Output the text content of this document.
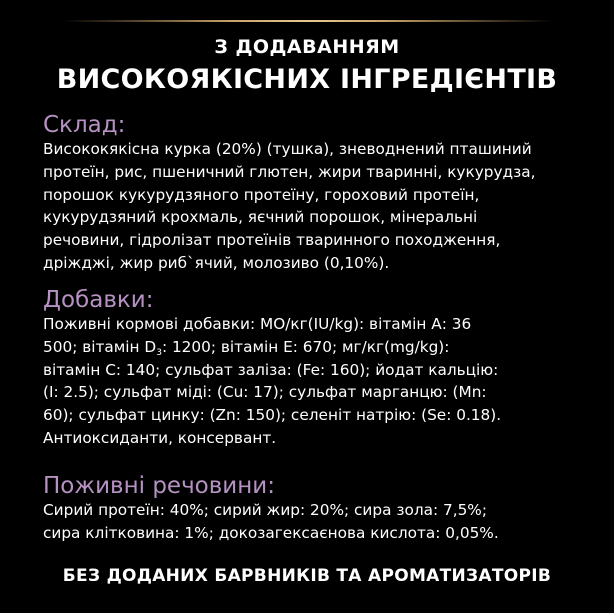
З ДОДАВАННЯМ
ВИСОКОЯКІСНИХ ІНГРЕДІЄНТІВ
Склад:
Висококякісна курка (20%) (тушка), зневоднений пташиний
протеїн, рис, пшеничний глютен, жири тваринні, кукурудза,
порошок кукурудзяного протеїну, гороховий протеїн,
кукурудзяний крохмаль, яєчний порошок, мінеральні
речовини, гідролізат протеїнів тваринного походження,
дріжджі, жир риб`ячий, молозиво (0,10%).
Добавки:
Поживні кормові добавки: МО/кг(IU/kg): вітамін А: 36
500; вітамін $D_3$: 1200; вітамін Е: 670; мг/кг(mg/kg):
вітамін С: 140; сульфат заліза: (Fe: 160); йодат кальцію:
(I: 2.5); сульфат міді: (Cu: 17); сульфат марганцю: (Mn:
60); сульфат цинку: (Zn: 150); селеніт натрію: (Se: 0.18).
Антиоксиданти, консервант.
Поживні речовини:
Сирий протеїн: 40%; сирий жир: 20%; сира зола: 7,5%;
сира клітковина: 1%; докозагексаєнова кислота: 0,05%.
БЕЗ ДОДАНИХ БАРВНИКІВ ТА АРОМАТИЗАТОРІВ
